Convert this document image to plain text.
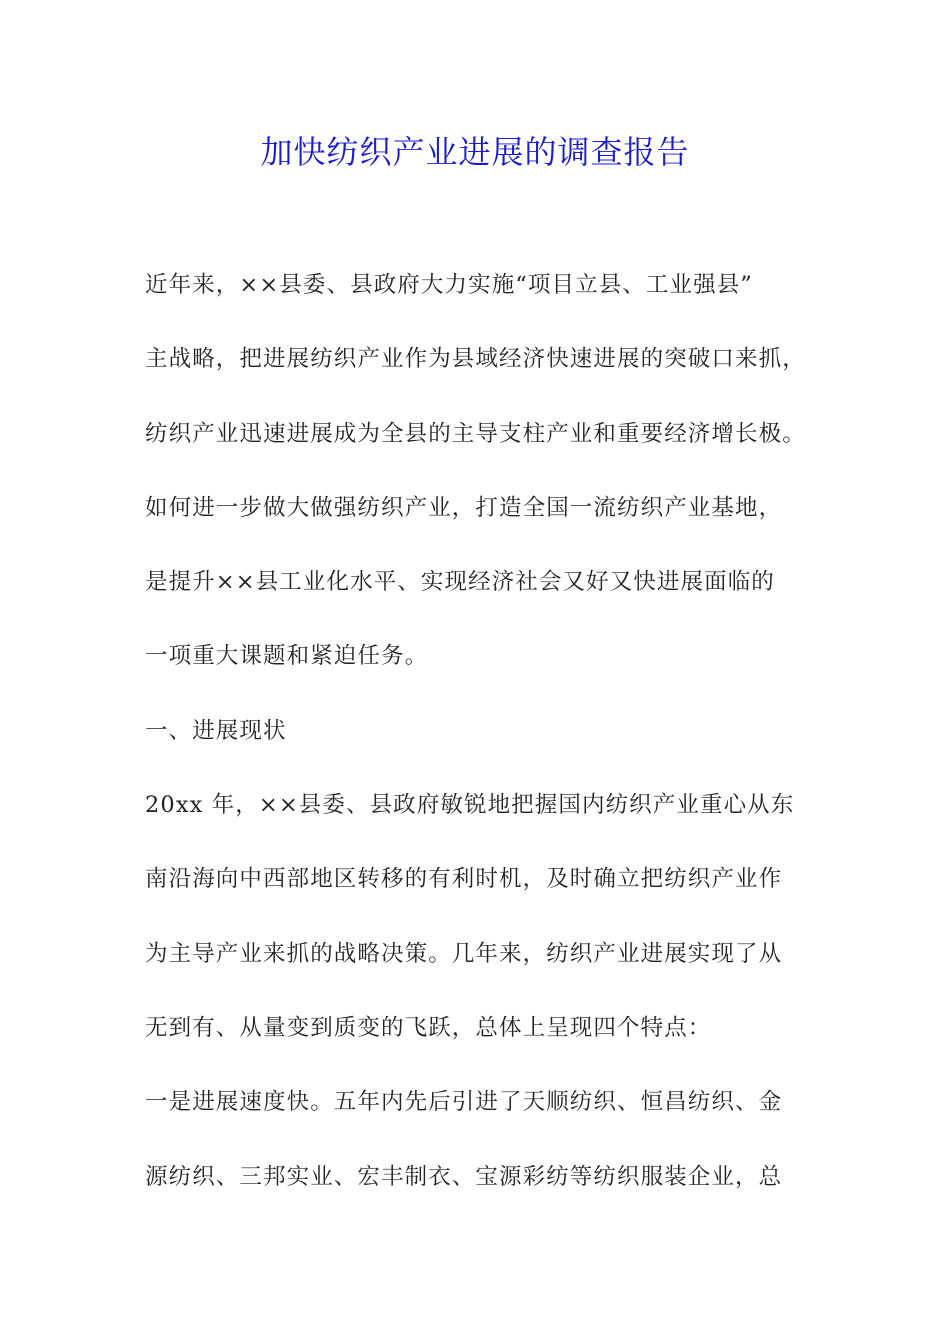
加快纺织产业进展的调查报告

近年来，××县委、县政府大力实施“项目立县、工业强县”

主战略，把进展纺织产业作为县域经济快速进展的突破口来抓，

纺织产业迅速进展成为全县的主导支柱产业和重要经济增长极。

如何进一步做大做强纺织产业，打造全国一流纺织产业基地，

是提升××县工业化水平、实现经济社会又好又快进展面临的

一项重大课题和紧迫任务。

一、进展现状

20xx 年，××县委、县政府敏锐地把握国内纺织产业重心从东

南沿海向中西部地区转移的有利时机，及时确立把纺织产业作

为主导产业来抓的战略决策。几年来，纺织产业进展实现了从

无到有、从量变到质变的飞跃，总体上呈现四个特点：

一是进展速度快。五年内先后引进了天顺纺织、恒昌纺织、金

源纺织、三邦实业、宏丰制衣、宝源彩纺等纺织服装企业，总
